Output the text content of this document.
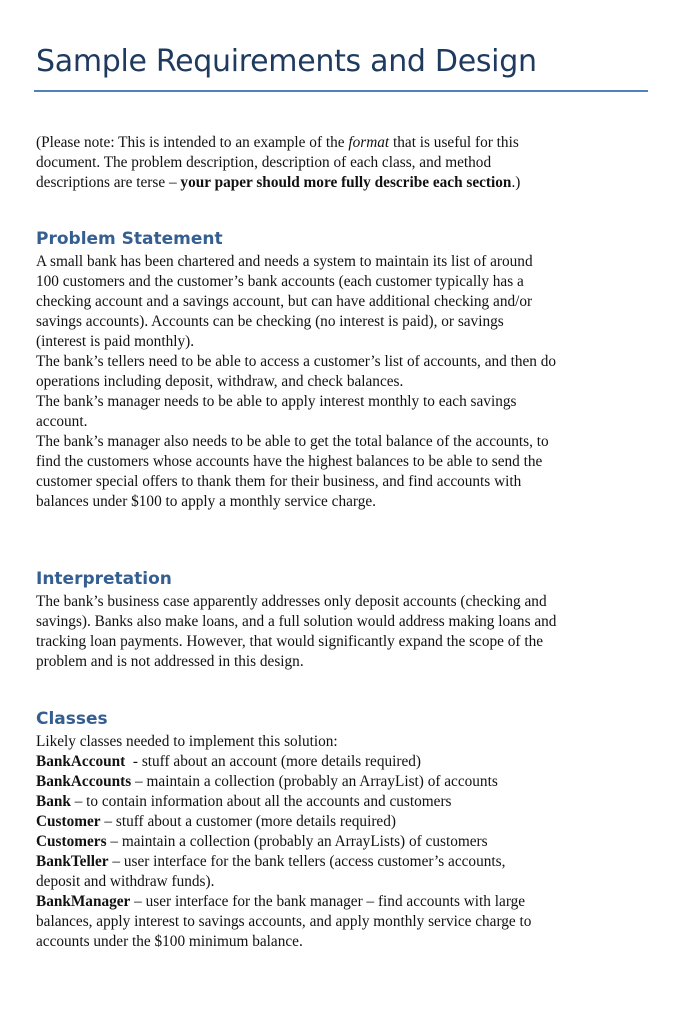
Sample Requirements and Design
(Please note: This is intended to an example of the format that is useful for this
document. The problem description, description of each class, and method
descriptions are terse – your paper should more fully describe each section.)
Problem Statement
A small bank has been chartered and needs a system to maintain its list of around
100 customers and the customer’s bank accounts (each customer typically has a
checking account and a savings account, but can have additional checking and/or
savings accounts). Accounts can be checking (no interest is paid), or savings
(interest is paid monthly).
The bank’s tellers need to be able to access a customer’s list of accounts, and then do
operations including deposit, withdraw, and check balances.
The bank’s manager needs to be able to apply interest monthly to each savings
account.
The bank’s manager also needs to be able to get the total balance of the accounts, to
find the customers whose accounts have the highest balances to be able to send the
customer special offers to thank them for their business, and find accounts with
balances under $100 to apply a monthly service charge.
Interpretation
The bank’s business case apparently addresses only deposit accounts (checking and
savings). Banks also make loans, and a full solution would address making loans and
tracking loan payments. However, that would significantly expand the scope of the
problem and is not addressed in this design.
Classes
Likely classes needed to implement this solution:
BankAccount  - stuff about an account (more details required)
BankAccounts – maintain a collection (probably an ArrayList) of accounts
Bank – to contain information about all the accounts and customers
Customer – stuff about a customer (more details required)
Customers – maintain a collection (probably an ArrayLists) of customers
BankTeller – user interface for the bank tellers (access customer’s accounts,
deposit and withdraw funds).
BankManager – user interface for the bank manager – find accounts with large
balances, apply interest to savings accounts, and apply monthly service charge to
accounts under the $100 minimum balance.
